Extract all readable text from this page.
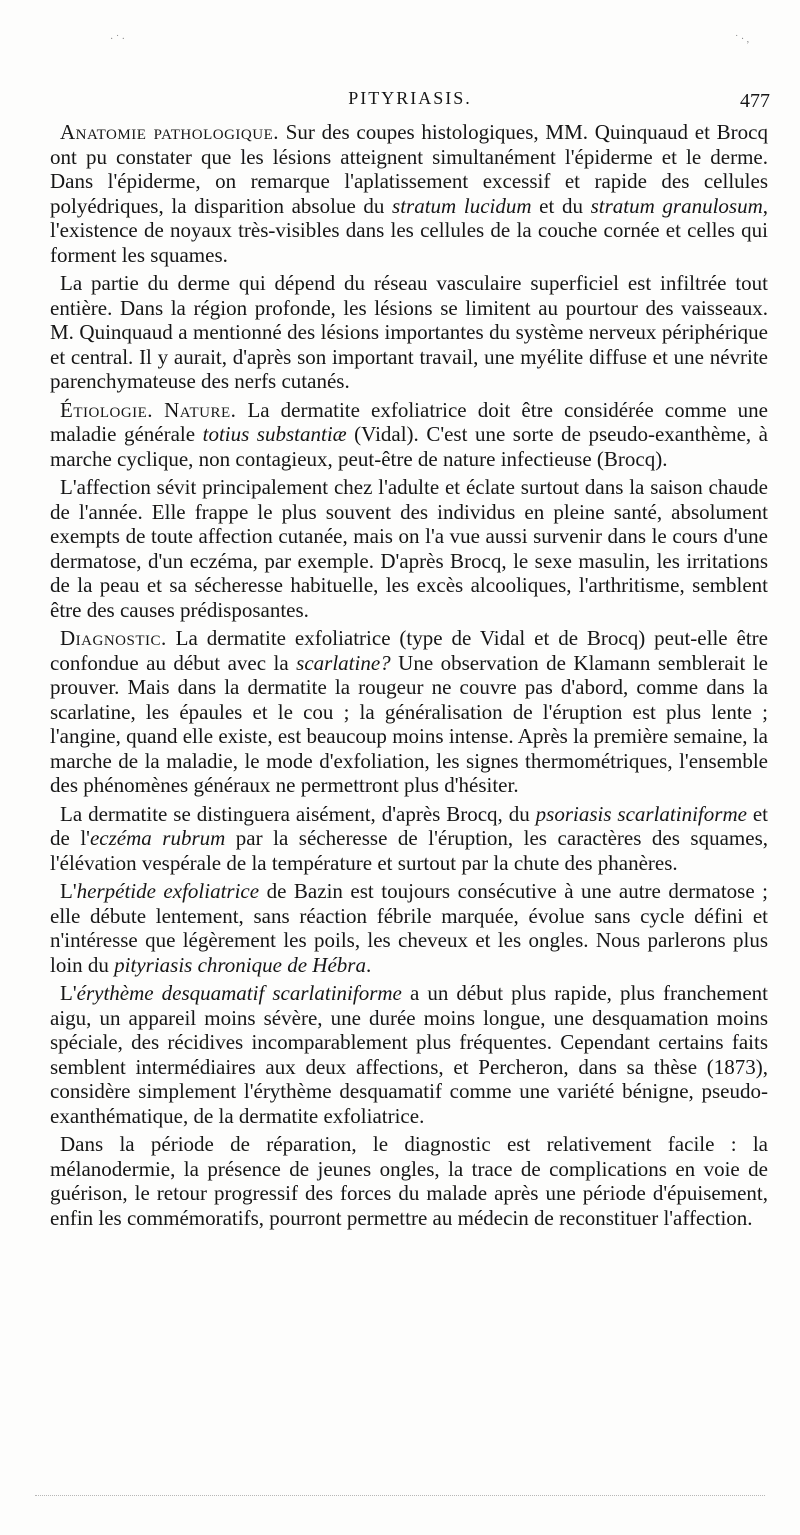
· ˙ ·	˙ · ,
PITYRIASIS.	477

Anatomie pathologique. Sur des coupes histologiques, MM. Quinquaud et Brocq ont pu constater que les lésions atteignent simultanément l'épiderme et le derme. Dans l'épiderme, on remarque l'aplatissement excessif et rapide des cellules polyédriques, la disparition absolue du stratum lucidum et du stratum granulosum, l'existence de noyaux très-visibles dans les cellules de la couche cornée et celles qui forment les squames.

La partie du derme qui dépend du réseau vasculaire superficiel est infiltrée tout entière. Dans la région profonde, les lésions se limitent au pourtour des vaisseaux. M. Quinquaud a mentionné des lésions importantes du système nerveux périphérique et central. Il y aurait, d'après son important travail, une myélite diffuse et une névrite parenchymateuse des nerfs cutanés.

Étiologie. Nature. La dermatite exfoliatrice doit être considérée comme une maladie générale totius substantiæ (Vidal). C'est une sorte de pseudo-exanthème, à marche cyclique, non contagieux, peut-être de nature infectieuse (Brocq).

L'affection sévit principalement chez l'adulte et éclate surtout dans la saison chaude de l'année. Elle frappe le plus souvent des individus en pleine santé, absolument exempts de toute affection cutanée, mais on l'a vue aussi survenir dans le cours d'une dermatose, d'un eczéma, par exemple. D'après Brocq, le sexe masulin, les irritations de la peau et sa sécheresse habituelle, les excès alcooliques, l'arthritisme, semblent être des causes prédisposantes.

Diagnostic. La dermatite exfoliatrice (type de Vidal et de Brocq) peut-elle être confondue au début avec la scarlatine? Une observation de Klamann semblerait le prouver. Mais dans la dermatite la rougeur ne couvre pas d'abord, comme dans la scarlatine, les épaules et le cou ; la généralisation de l'éruption est plus lente ; l'angine, quand elle existe, est beaucoup moins intense. Après la première semaine, la marche de la maladie, le mode d'exfoliation, les signes thermométriques, l'ensemble des phénomènes généraux ne permettront plus d'hésiter.

La dermatite se distinguera aisément, d'après Brocq, du psoriasis scarlatiniforme et de l'eczéma rubrum par la sécheresse de l'éruption, les caractères des squames, l'élévation vespérale de la température et surtout par la chute des phanères.

L'herpétide exfoliatrice de Bazin est toujours consécutive à une autre dermatose ; elle débute lentement, sans réaction fébrile marquée, évolue sans cycle défini et n'intéresse que légèrement les poils, les cheveux et les ongles. Nous parlerons plus loin du pityriasis chronique de Hébra.

L'érythème desquamatif scarlatiniforme a un début plus rapide, plus franchement aigu, un appareil moins sévère, une durée moins longue, une desquamation moins spéciale, des récidives incomparablement plus fréquentes. Cependant certains faits semblent intermédiaires aux deux affections, et Percheron, dans sa thèse (1873), considère simplement l'érythème desquamatif comme une variété bénigne, pseudo-exanthématique, de la dermatite exfoliatrice.

Dans la période de réparation, le diagnostic est relativement facile : la mélanodermie, la présence de jeunes ongles, la trace de complications en voie de guérison, le retour progressif des forces du malade après une période d'épuisement, enfin les commémoratifs, pourront permettre au médecin de reconstituer l'affection.
